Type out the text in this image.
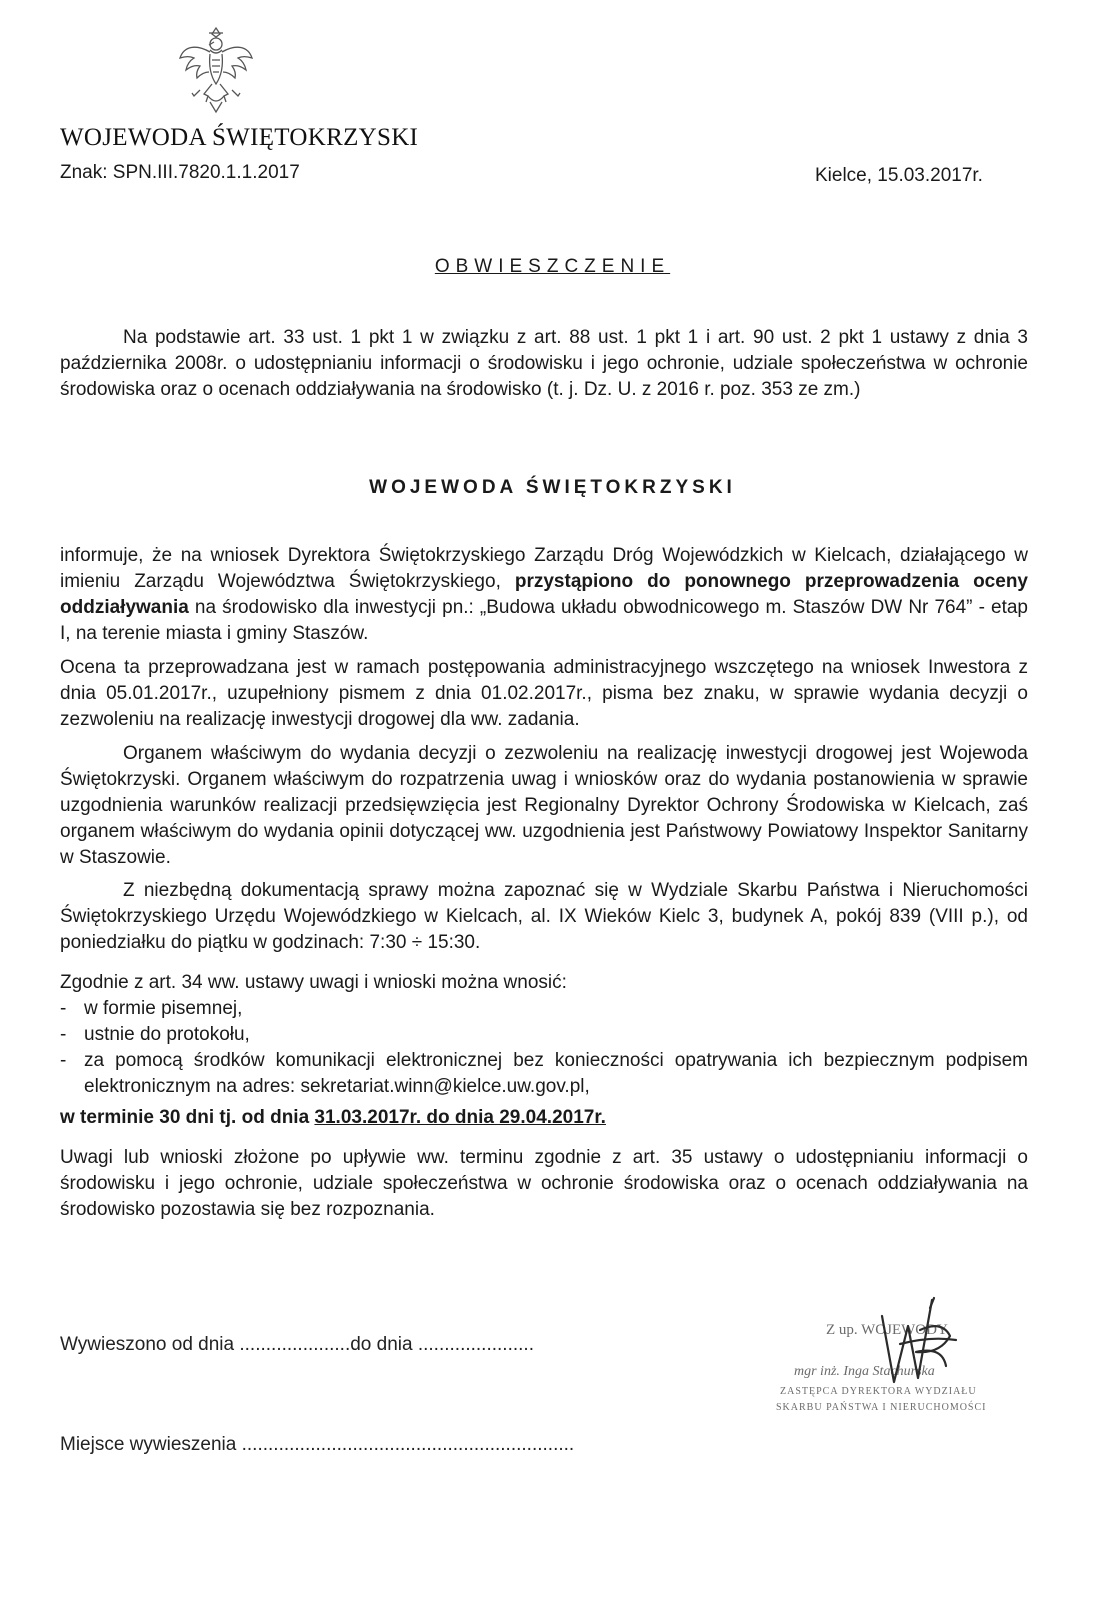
WOJEWODA ŚWIĘTOKRZYSKI
Znak: SPN.III.7820.1.1.2017	Kielce, 15.03.2017r.
OBWIESZCZENIE

Na podstawie art. 33 ust. 1 pkt 1 w związku z art. 88 ust. 1 pkt 1 i art. 90 ust. 2 pkt 1 ustawy z dnia 3 października 2008r. o udostępnianiu informacji o środowisku i jego ochronie, udziale społeczeństwa w ochronie środowiska oraz o ocenach oddziaływania na środowisko (t. j. Dz. U. z 2016 r. poz. 353 ze zm.)

WOJEWODA ŚWIĘTOKRZYSKI

informuje, że na wniosek Dyrektora Świętokrzyskiego Zarządu Dróg Wojewódzkich w Kielcach, działającego w imieniu Zarządu Województwa Świętokrzyskiego, przystąpiono do ponownego przeprowadzenia oceny oddziaływania na środowisko dla inwestycji pn.: „Budowa układu obwodnicowego m. Staszów DW Nr 764” - etap I, na terenie miasta i gminy Staszów.

Ocena ta przeprowadzana jest w ramach postępowania administracyjnego wszczętego na wniosek Inwestora z dnia 05.01.2017r., uzupełniony pismem z dnia 01.02.2017r., pisma bez znaku, w sprawie wydania decyzji o zezwoleniu na realizację inwestycji drogowej dla ww. zadania.

Organem właściwym do wydania decyzji o zezwoleniu na realizację inwestycji drogowej jest Wojewoda Świętokrzyski. Organem właściwym do rozpatrzenia uwag i wniosków oraz do wydania postanowienia w sprawie uzgodnienia warunków realizacji przedsięwzięcia jest Regionalny Dyrektor Ochrony Środowiska w Kielcach, zaś organem właściwym do wydania opinii dotyczącej ww. uzgodnienia jest Państwowy Powiatowy Inspektor Sanitarny w Staszowie.

Z niezbędną dokumentacją sprawy można zapoznać się w Wydziale Skarbu Państwa i Nieruchomości Świętokrzyskiego Urzędu Wojewódzkiego w Kielcach, al. IX Wieków Kielc 3, budynek A, pokój 839 (VIII p.), od poniedziałku do piątku w godzinach: 7:30 ÷ 15:30.

Zgodnie z art. 34 ww. ustawy uwagi i wnioski można wnosić:

- w formie pisemnej,
- ustnie do protokołu,
- za pomocą środków komunikacji elektronicznej bez konieczności opatrywania ich bezpiecznym podpisem elektronicznym na adres: sekretariat.winn@kielce.uw.gov.pl,
w terminie 30 dni tj. od dnia 31.03.2017r. do dnia 29.04.2017r.

Uwagi lub wnioski złożone po upływie ww. terminu zgodnie z art. 35 ustawy o udostępnianiu informacji o środowisku i jego ochronie, udziale społeczeństwa w ochronie środowiska oraz o ocenach oddziaływania na środowisko pozostawia się bez rozpoznania.

Wywieszono od dnia .....................do dnia ......................
Miejsce wywieszenia ...............................................................
Z up. WOJEWODY
mgr inż. Inga Stachurska
ZASTĘPCA DYREKTORA WYDZIAŁU
SKARBU PAŃSTWA I NIERUCHOMOŚCI
